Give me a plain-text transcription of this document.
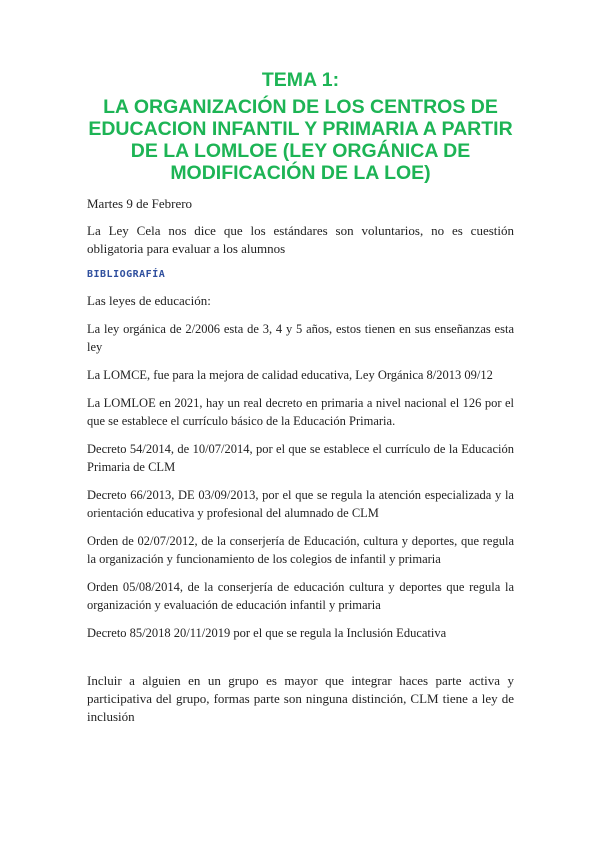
TEMA 1:
LA ORGANIZACIÓN DE LOS CENTROS DE EDUCACION INFANTIL Y PRIMARIA A PARTIR DE LA LOMLOE (LEY ORGÁNICA DE MODIFICACIÓN DE LA LOE)

Martes 9 de Febrero

La Ley Cela nos dice que los estándares son voluntarios, no es cuestión obligatoria para evaluar a los alumnos

BIBLIOGRAFÍA

Las leyes de educación:

La ley orgánica de 2/2006 esta de 3, 4 y 5 años, estos tienen en sus enseñanzas esta ley

La LOMCE, fue para la mejora de calidad educativa, Ley Orgánica 8/2013 09/12

La LOMLOE en 2021, hay un real decreto en primaria a nivel nacional el 126 por el que se establece el currículo básico de la Educación Primaria.

Decreto 54/2014, de 10/07/2014, por el que se establece el currículo de la Educación Primaria de CLM

Decreto 66/2013, DE 03/09/2013, por el que se regula la atención especializada y la orientación educativa y profesional del alumnado de CLM

Orden de 02/07/2012, de la conserjería de Educación, cultura y deportes, que regula la organización y funcionamiento de los colegios de infantil y primaria

Orden 05/08/2014, de la conserjería de educación cultura y deportes que regula la organización y evaluación de educación infantil y primaria

Decreto 85/2018 20/11/2019 por el que se regula la Inclusión Educativa

Incluir a alguien en un grupo es mayor que integrar haces parte activa y participativa del grupo, formas parte son ninguna distinción, CLM tiene a ley de inclusión
